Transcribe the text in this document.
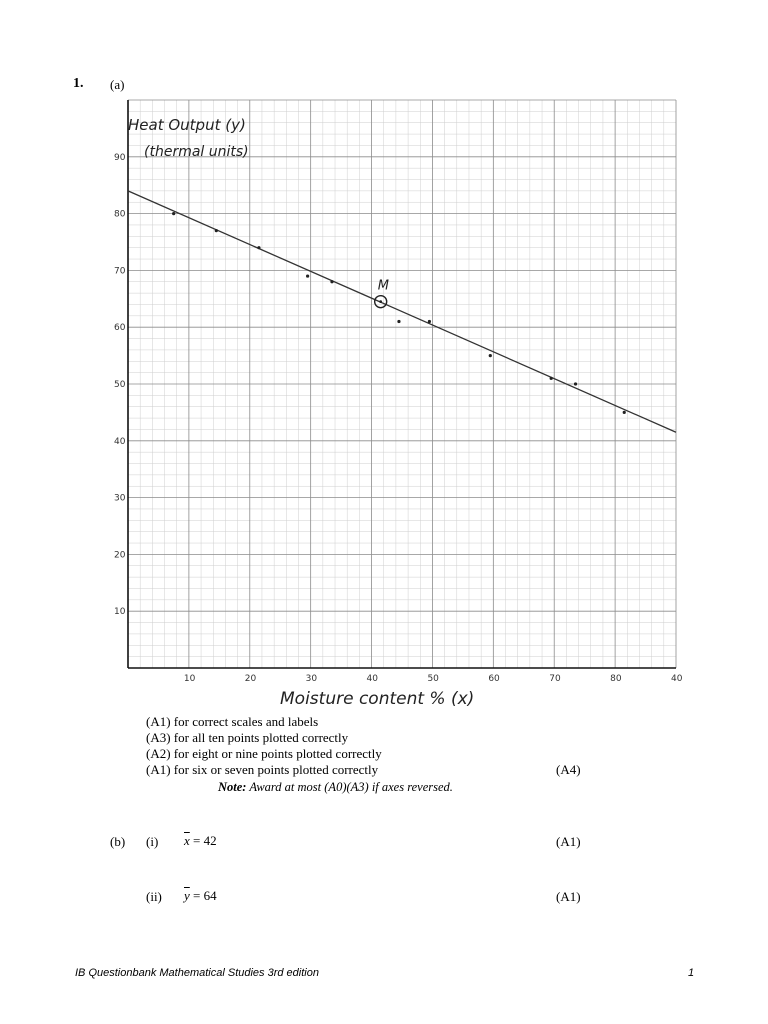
1. (a)
10	20	30	40	50	60	70	80	40
10
20
30
40
50
60
70
80
90
M
Heat Output (y)
(thermal units)
Moisture content % (x)
(A1) for correct scales and labels
(A3) for all ten points plotted correctly
(A2) for eight or nine points plotted correctly
(A1) for six or seven points plotted correctly	(A4)
Note: Award at most (A0)(A3) if axes reversed.
(b) (i) $\overline{x} = 42$	(A1)
(ii) $\overline{y} = 64$	(A1)
IB Questionbank Mathematical Studies 3rd edition	1
